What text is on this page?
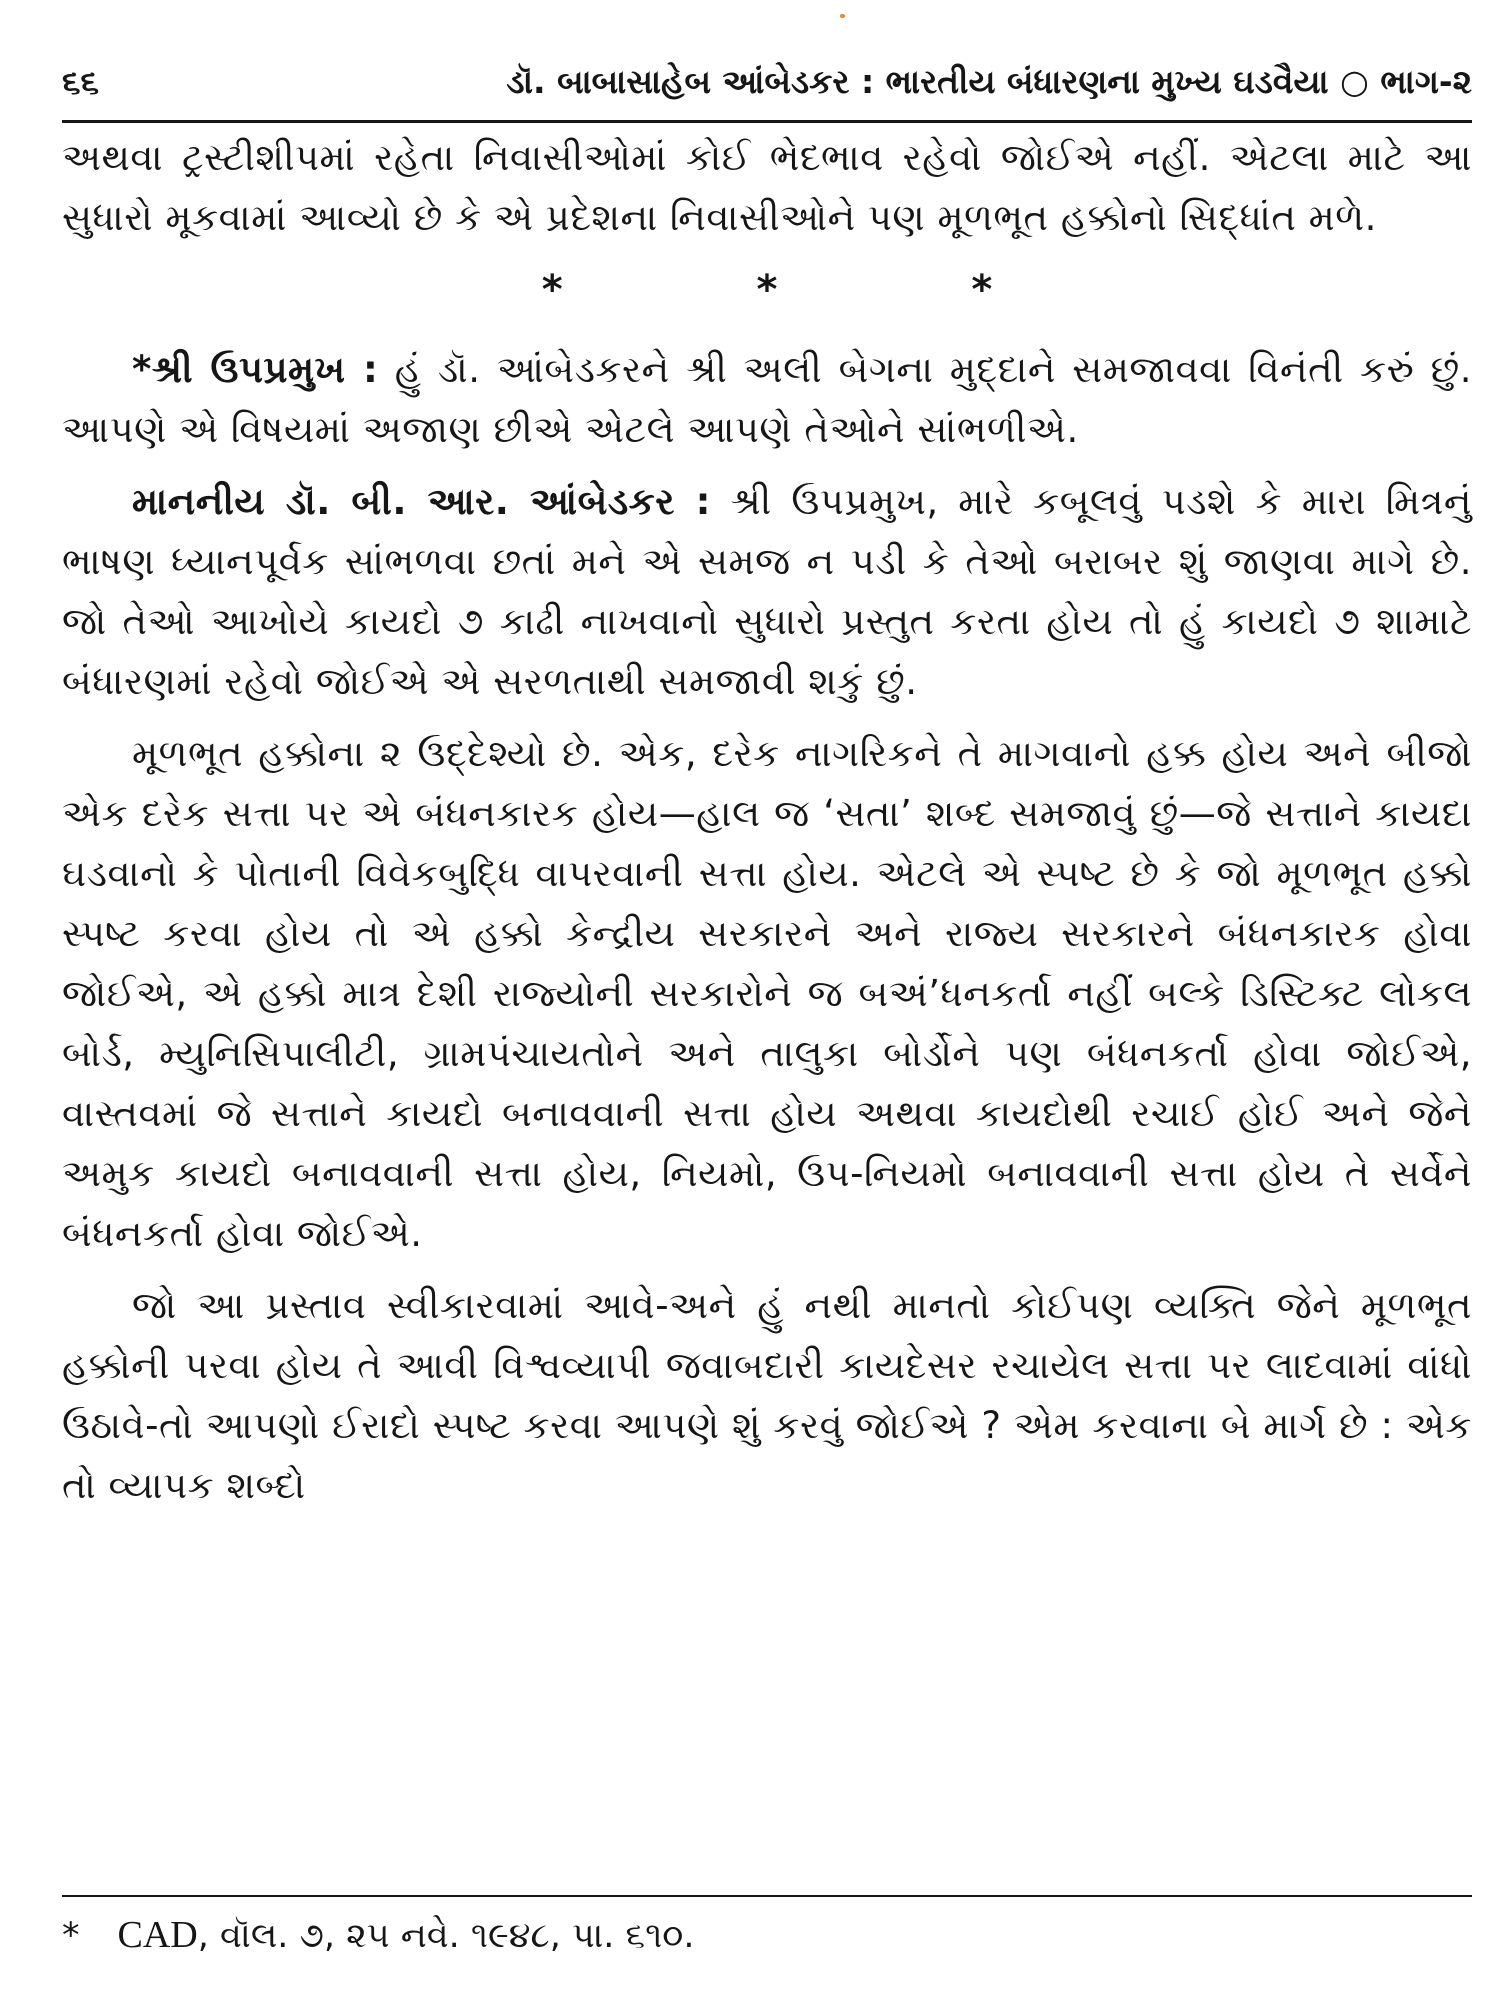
૬૬	ડૉ. બાબાસાહેબ આંબેડકર : ભારતીય બંધારણના મુખ્ય ઘડવૈયા ○ ભાગ-૨

અથવા ટ્રસ્ટીશીપમાં રહેતા નિવાસીઓમાં કોઈ ભેદભાવ રહેવો જોઈએ નહીં. એટલા માટે આ સુધારો મૂકવામાં આવ્યો છે કે એ પ્રદેશના નિવાસીઓને પણ મૂળભૂત હક્કોનો સિદ્ધાંત મળે.

* * *

*શ્રી ઉપપ્રમુખ : હું ડૉ. આંબેડકરને શ્રી અલી બેગના મુદ્દાને સમજાવવા વિનંતી કરું છું. આપણે એ વિષયમાં અજાણ છીએ એટલે આપણે તેઓને સાંભળીએ.

માનનીય ડૉ. બી. આર. આંબેડકર : શ્રી ઉપપ્રમુખ, મારે કબૂલવું પડશે કે મારા મિત્રનું ભાષણ ધ્યાનપૂર્વક સાંભળવા છતાં મને એ સમજ ન પડી કે તેઓ બરાબર શું જાણવા માગે છે. જો તેઓ આખોયે કાયદો ૭ કાઢી નાખવાનો સુધારો પ્રસ્તુત કરતા હોય તો હું કાયદો ૭ શામાટે બંધારણમાં રહેવો જોઈએ એ સરળતાથી સમજાવી શકું છું.

મૂળભૂત હક્કોના ૨ ઉદ્દેશ્યો છે. એક, દરેક નાગરિકને તે માગવાનો હક્ક હોય અને બીજો એક દરેક સત્તા પર એ બંધનકારક હોય—હાલ જ ‘સતા’ શબ્દ સમજાવું છું—જે સત્તાને કાયદા ઘડવાનો કે પોતાની વિવેકબુદ્ધિ વાપરવાની સત્તા હોય. એટલે એ સ્પષ્ટ છે કે જો મૂળભૂત હક્કો સ્પષ્ટ કરવા હોય તો એ હક્કો કેન્દ્રીય સરકારને અને રાજ્ય સરકારને બંધનકારક હોવા જોઈએ, એ હક્કો માત્ર દેશી રાજ્યોની સરકારોને જ બઅં’ધનકર્તા નહીં બલ્કે ડિસ્ટિક્ટ લોકલ બોર્ડ, મ્યુનિસિપાલીટી, ગ્રામપંચાયતોને અને તાલુકા બોર્ડોને પણ બંધનકર્તા હોવા જોઈએ, વાસ્તવમાં જે સત્તાને કાયદો બનાવવાની સત્તા હોય અથવા કાયદોથી રચાઈ હોઈ અને જેને અમુક કાયદો બનાવવાની સત્તા હોય, નિયમો, ઉપ-નિયમો બનાવવાની સત્તા હોય તે સર્વેને બંધનકર્તા હોવા જોઈએ.

જો આ પ્રસ્તાવ સ્વીકારવામાં આવે-અને હું નથી માનતો કોઈપણ વ્યક્તિ જેને મૂળભૂત હક્કોની પરવા હોય તે આવી વિશ્વવ્યાપી જવાબદારી કાયદેસર રચાયેલ સત્તા પર લાદવામાં વાંધો ઉઠાવે-તો આપણો ઈરાદો સ્પષ્ટ કરવા આપણે શું કરવું જોઈએ ? એમ કરવાના બે માર્ગ છે : એક તો વ્યાપક શબ્દો

* CAD, વૉલ. ૭, ૨૫ નવે. ૧૯૪૮, પા. ૬૧૦.
